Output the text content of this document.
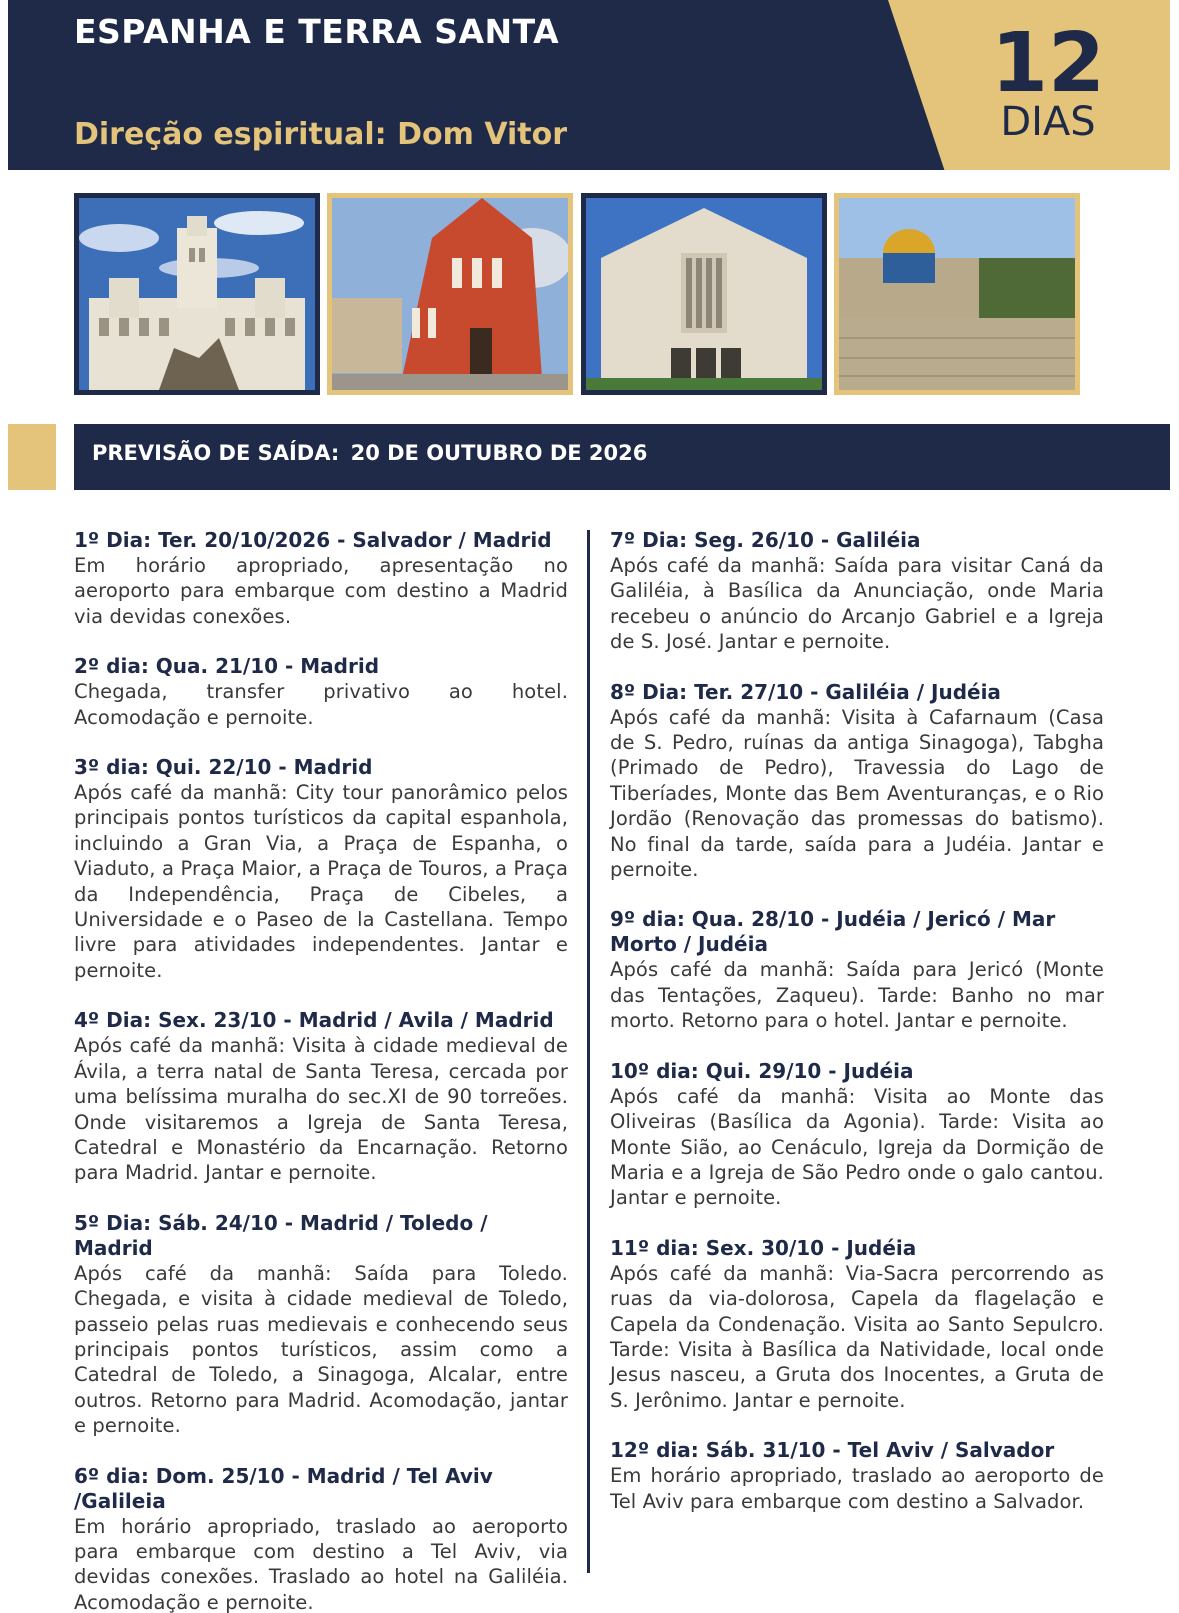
ESPANHA E TERRA SANTA
Direção espiritual: Dom Vitor
12
DIAS
PREVISÃO DE SAÍDA: 20 DE OUTUBRO DE 2026
1º Dia: Ter. 20/10/2026 - Salvador / Madrid
Em horário apropriado, apresentação no aeroporto para embarque com destino a Madrid via devidas conexões.
2º dia: Qua. 21/10 - Madrid
Chegada, transfer privativo ao hotel. Acomodação e pernoite.
3º dia: Qui. 22/10 - Madrid
Após café da manhã: City tour panorâmico pelos principais pontos turísticos da capital espanhola, incluindo a Gran Via, a Praça de Espanha, o Viaduto, a Praça Maior, a Praça de Touros, a Praça da Independência, Praça de Cibeles, a Universidade e o Paseo de la Castellana. Tempo livre para atividades independentes. Jantar e pernoite.
4º Dia: Sex. 23/10 - Madrid / Avila / Madrid
Após café da manhã: Visita à cidade medieval de Ávila, a terra natal de Santa Teresa, cercada por uma belíssima muralha do sec.XI de 90 torreões. Onde visitaremos a Igreja de Santa Teresa, Catedral e Monastério da Encarnação. Retorno para Madrid. Jantar e pernoite.
5º Dia: Sáb. 24/10 - Madrid / Toledo / Madrid
Após café da manhã: Saída para Toledo. Chegada, e visita à cidade medieval de Toledo, passeio pelas ruas medievais e conhecendo seus principais pontos turísticos, assim como a Catedral de Toledo, a Sinagoga, Alcalar, entre outros. Retorno para Madrid. Acomodação, jantar e pernoite.
6º dia: Dom. 25/10 - Madrid / Tel Aviv /Galileia
Em horário apropriado, traslado ao aeroporto para embarque com destino a Tel Aviv, via devidas conexões. Traslado ao hotel na Galiléia. Acomodação e pernoite.
7º Dia: Seg. 26/10 - Galiléia
Após café da manhã: Saída para visitar Caná da Galiléia, à Basílica da Anunciação, onde Maria recebeu o anúncio do Arcanjo Gabriel e a Igreja de S. José. Jantar e pernoite.
8º Dia: Ter. 27/10 - Galiléia / Judéia
Após café da manhã: Visita à Cafarnaum (Casa de S. Pedro, ruínas da antiga Sinagoga), Tabgha (Primado de Pedro), Travessia do Lago de Tiberíades, Monte das Bem Aventuranças, e o Rio Jordão (Renovação das promessas do batismo). No final da tarde, saída para a Judéia. Jantar e pernoite.
9º dia: Qua. 28/10 - Judéia / Jericó / Mar Morto / Judéia
Após café da manhã: Saída para Jericó (Monte das Tentações, Zaqueu). Tarde: Banho no mar morto. Retorno para o hotel. Jantar e pernoite.
10º dia: Qui. 29/10 - Judéia
Após café da manhã: Visita ao Monte das Oliveiras (Basílica da Agonia). Tarde: Visita ao Monte Sião, ao Cenáculo, Igreja da Dormição de Maria e a Igreja de São Pedro onde o galo cantou. Jantar e pernoite.
11º dia: Sex. 30/10 - Judéia
Após café da manhã: Via-Sacra percorrendo as ruas da via-dolorosa, Capela da flagelação e Capela da Condenação. Visita ao Santo Sepulcro. Tarde: Visita à Basílica da Natividade, local onde Jesus nasceu, a Gruta dos Inocentes, a Gruta de S. Jerônimo. Jantar e pernoite.
12º dia: Sáb. 31/10 - Tel Aviv / Salvador
Em horário apropriado, traslado ao aeroporto de Tel Aviv para embarque com destino a Salvador.
